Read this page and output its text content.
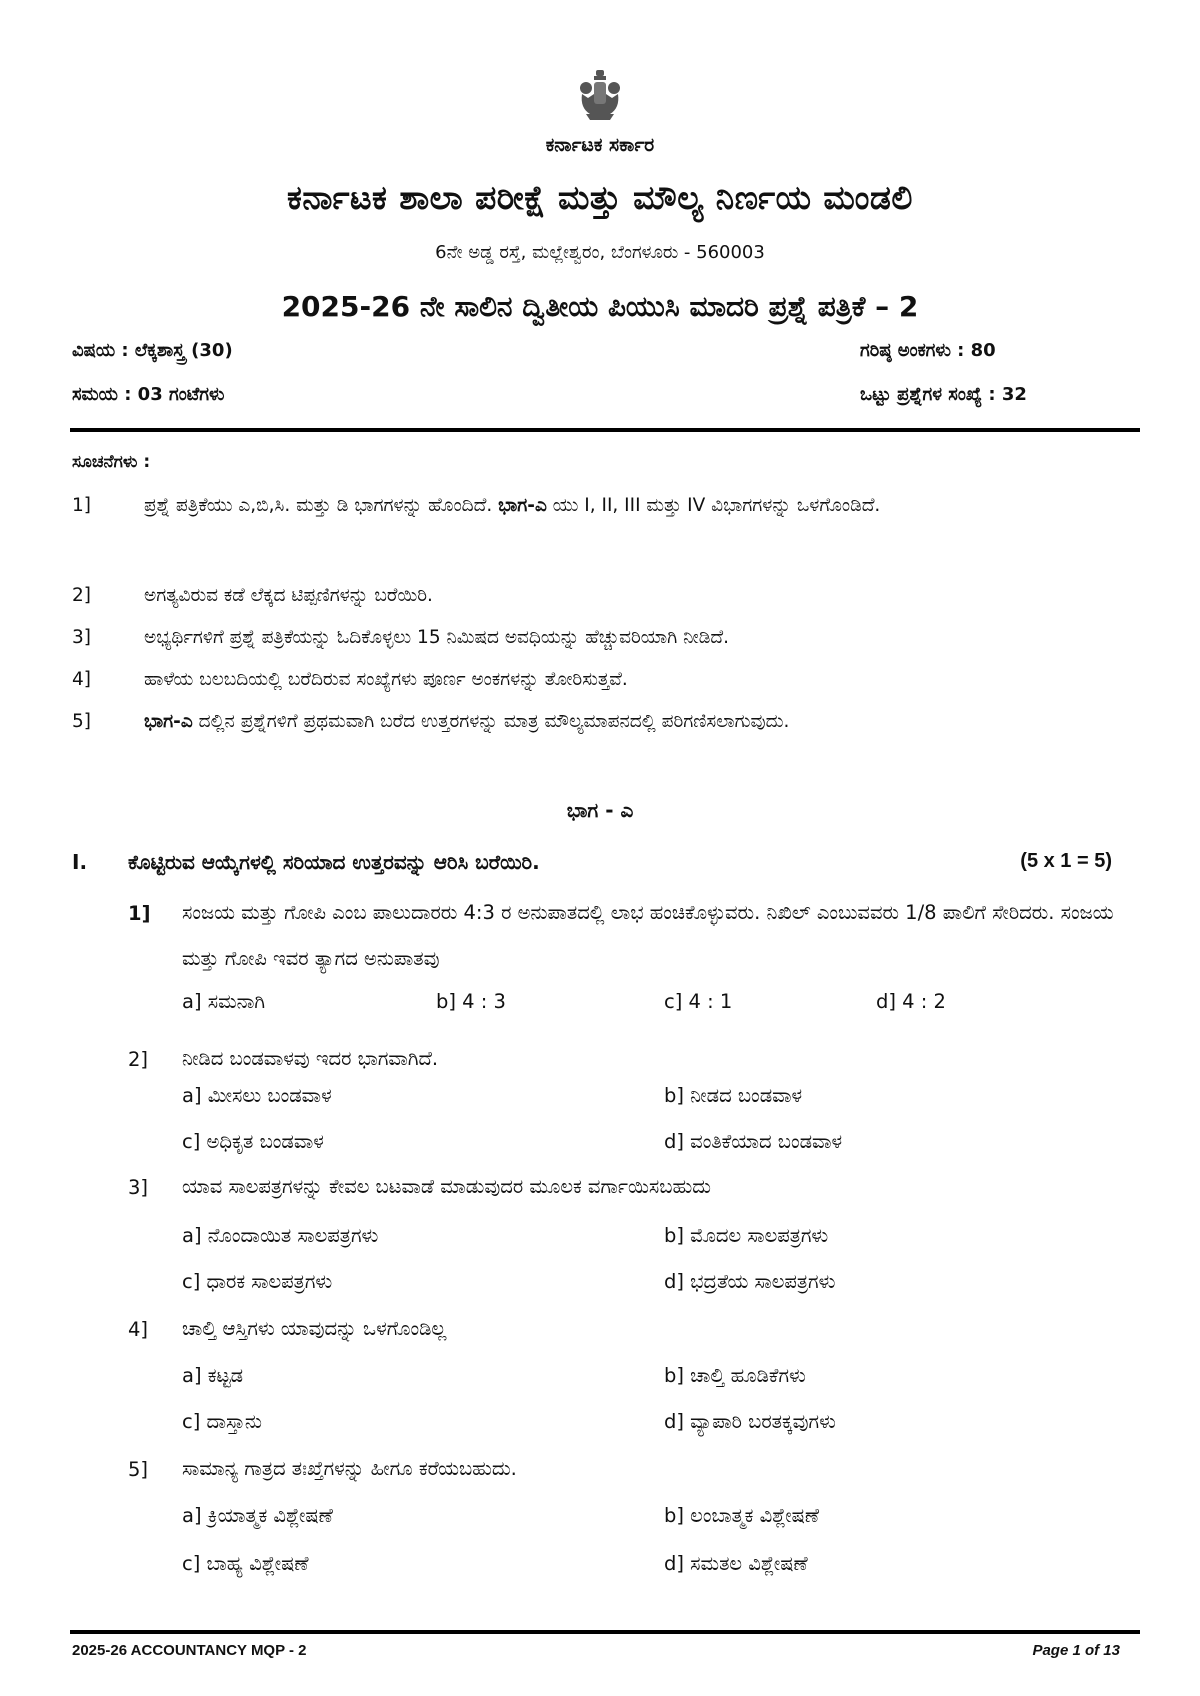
ಕರ್ನಾಟಕ ಸರ್ಕಾರ
ಕರ್ನಾಟಕ ಶಾಲಾ ಪರೀಕ್ಷೆ ಮತ್ತು ಮೌಲ್ಯ ನಿರ್ಣಯ ಮಂಡಲಿ
6ನೇ ಅಡ್ಡ ರಸ್ತೆ, ಮಲ್ಲೇಶ್ವರಂ, ಬೆಂಗಳೂರು - 560003
2025-26 ನೇ ಸಾಲಿನ ದ್ವಿತೀಯ ಪಿಯುಸಿ ಮಾದರಿ ಪ್ರಶ್ನೆ ಪತ್ರಿಕೆ – 2
ವಿಷಯ : ಲೆಕ್ಕಶಾಸ್ತ್ರ (30)	ಗರಿಷ್ಠ ಅಂಕಗಳು : 80
ಸಮಯ : 03 ಗಂಟೆಗಳು	ಒಟ್ಟು ಪ್ರಶ್ನೆಗಳ ಸಂಖ್ಯೆ : 32
ಸೂಚನೆಗಳು :
1]	ಪ್ರಶ್ನೆ ಪತ್ರಿಕೆಯು ಎ,ಬಿ,ಸಿ. ಮತ್ತು ಡಿ ಭಾಗಗಳನ್ನು ಹೊಂದಿದೆ. ಭಾಗ-ಎ ಯು I, II, III ಮತ್ತು IV ವಿಭಾಗಗಳನ್ನು ಒಳಗೊಂಡಿದೆ.
2]	ಅಗತ್ಯವಿರುವ ಕಡೆ ಲೆಕ್ಕದ ಟಿಪ್ಪಣಿಗಳನ್ನು ಬರೆಯಿರಿ.
3]	ಅಭ್ಯರ್ಥಿಗಳಿಗೆ ಪ್ರಶ್ನೆ ಪತ್ರಿಕೆಯನ್ನು ಓದಿಕೊಳ್ಳಲು 15 ನಿಮಿಷದ ಅವಧಿಯನ್ನು ಹೆಚ್ಚುವರಿಯಾಗಿ ನೀಡಿದೆ.
4]	ಹಾಳೆಯ ಬಲಬದಿಯಲ್ಲಿ ಬರೆದಿರುವ ಸಂಖ್ಯೆಗಳು ಪೂರ್ಣ ಅಂಕಗಳನ್ನು ತೋರಿಸುತ್ತವೆ.
5]	ಭಾಗ-ಎ ದಲ್ಲಿನ ಪ್ರಶ್ನೆಗಳಿಗೆ ಪ್ರಥಮವಾಗಿ ಬರೆದ ಉತ್ತರಗಳನ್ನು ಮಾತ್ರ ಮೌಲ್ಯಮಾಪನದಲ್ಲಿ ಪರಿಗಣಿಸಲಾಗುವುದು.
ಭಾಗ - ಎ
I. ಕೊಟ್ಟಿರುವ ಆಯ್ಕೆಗಳಲ್ಲಿ ಸರಿಯಾದ ಉತ್ತರವನ್ನು ಆರಿಸಿ ಬರೆಯಿರಿ.	(5 x 1 = 5)
1] ಸಂಜಯ ಮತ್ತು ಗೋಪಿ ಎಂಬ ಪಾಲುದಾರರು 4:3 ರ ಅನುಪಾತದಲ್ಲಿ ಲಾಭ ಹಂಚಿಕೊಳ್ಳುವರು. ನಿಖಿಲ್ ಎಂಬುವವರು 1/8 ಪಾಲಿಗೆ ಸೇರಿದರು. ಸಂಜಯ ಮತ್ತು ಗೋಪಿ ಇವರ ತ್ಯಾಗದ ಅನುಪಾತವು
a] ಸಮನಾಗಿ	b] 4 : 3	c] 4 : 1	d] 4 : 2
2] ನೀಡಿದ ಬಂಡವಾಳವು ಇದರ ಭಾಗವಾಗಿದೆ.
a] ಮೀಸಲು ಬಂಡವಾಳ	b] ನೀಡದ ಬಂಡವಾಳ
c] ಅಧಿಕೃತ ಬಂಡವಾಳ	d] ವಂತಿಕೆಯಾದ ಬಂಡವಾಳ
3] ಯಾವ ಸಾಲಪತ್ರಗಳನ್ನು ಕೇವಲ ಬಟವಾಡೆ ಮಾಡುವುದರ ಮೂಲಕ ವರ್ಗಾಯಿಸಬಹುದು
a] ನೊಂದಾಯಿತ ಸಾಲಪತ್ರಗಳು	b] ಮೊದಲ ಸಾಲಪತ್ರಗಳು
c] ಧಾರಕ ಸಾಲಪತ್ರಗಳು	d] ಭದ್ರತೆಯ ಸಾಲಪತ್ರಗಳು
4] ಚಾಲ್ತಿ ಆಸ್ತಿಗಳು ಯಾವುದನ್ನು ಒಳಗೊಂಡಿಲ್ಲ
a] ಕಟ್ಟಡ	b] ಚಾಲ್ತಿ ಹೂಡಿಕೆಗಳು
c] ದಾಸ್ತಾನು	d] ವ್ಯಾಪಾರಿ ಬರತಕ್ಕವುಗಳು
5] ಸಾಮಾನ್ಯ ಗಾತ್ರದ ತಃಖ್ತೆಗಳನ್ನು ಹೀಗೂ ಕರೆಯಬಹುದು.
a] ಕ್ರಿಯಾತ್ಮಕ ವಿಶ್ಲೇಷಣೆ	b] ಲಂಬಾತ್ಮಕ ವಿಶ್ಲೇಷಣೆ
c] ಬಾಹ್ಯ ವಿಶ್ಲೇಷಣೆ	d] ಸಮತಲ ವಿಶ್ಲೇಷಣೆ
2025-26 ACCOUNTANCY MQP - 2	Page 1 of 13
